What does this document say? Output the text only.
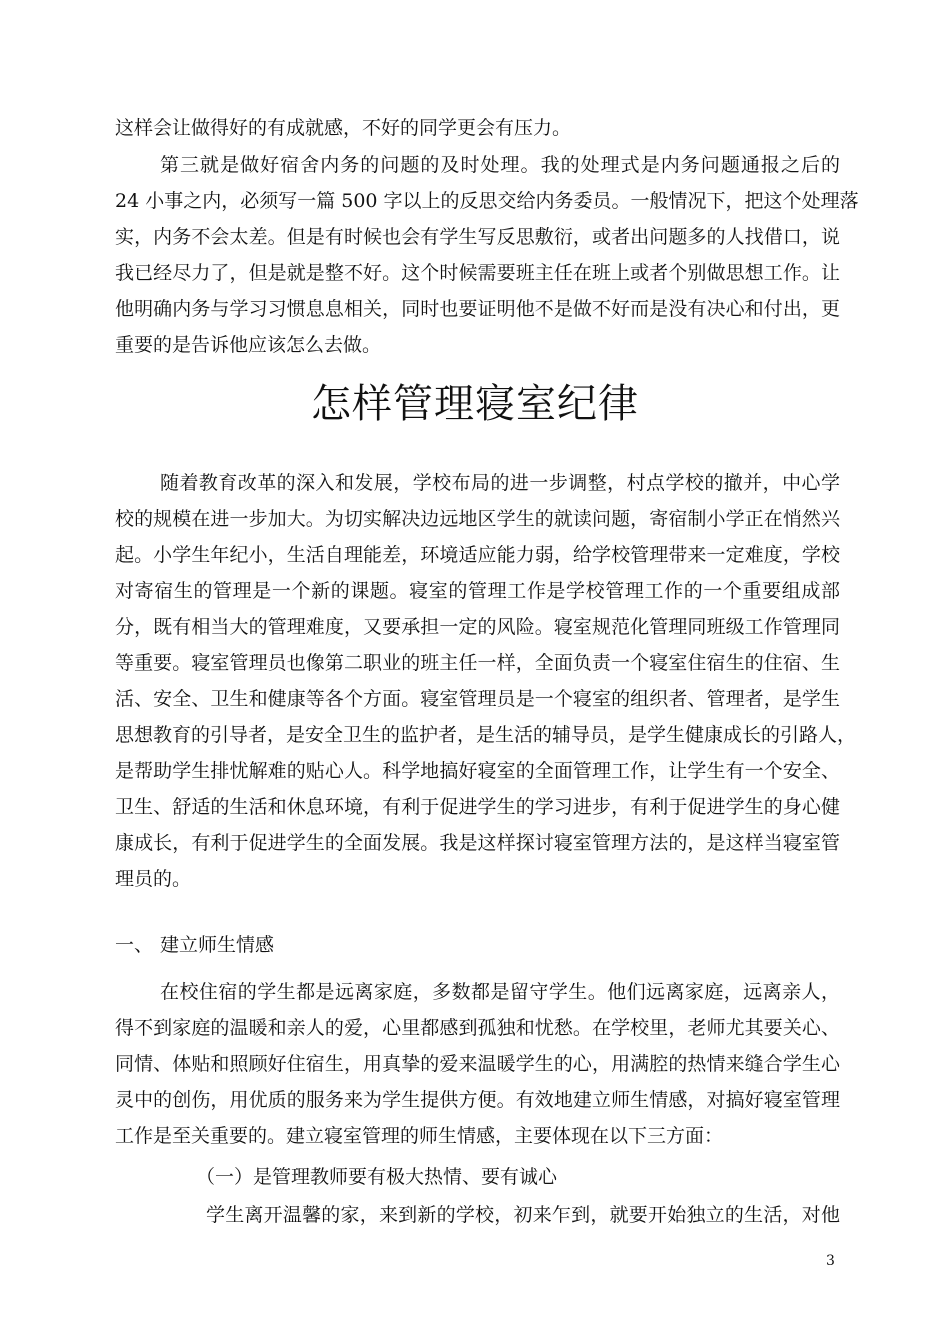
这样会让做得好的有成就感，不好的同学更会有压力。
第三就是做好宿舍内务的问题的及时处理。我的处理式是内务问题通报之后的
24 小事之内，必须写一篇 500 字以上的反思交给内务委员。一般情况下，把这个处理落
实，内务不会太差。但是有时候也会有学生写反思敷衍，或者出问题多的人找借口，说
我已经尽力了，但是就是整不好。这个时候需要班主任在班上或者个别做思想工作。让
他明确内务与学习习惯息息相关，同时也要证明他不是做不好而是没有决心和付出，更
重要的是告诉他应该怎么去做。
怎样管理寝室纪律
随着教育改革的深入和发展，学校布局的进一步调整，村点学校的撤并，中心学
校的规模在进一步加大。为切实解决边远地区学生的就读问题，寄宿制小学正在悄然兴
起。小学生年纪小，生活自理能差，环境适应能力弱，给学校管理带来一定难度，学校
对寄宿生的管理是一个新的课题。寝室的管理工作是学校管理工作的一个重要组成部
分，既有相当大的管理难度，又要承担一定的风险。寝室规范化管理同班级工作管理同
等重要。寝室管理员也像第二职业的班主任一样，全面负责一个寝室住宿生的住宿、生
活、安全、卫生和健康等各个方面。寝室管理员是一个寝室的组织者、管理者，是学生
思想教育的引导者，是安全卫生的监护者，是生活的辅导员，是学生健康成长的引路人，
是帮助学生排忧解难的贴心人。科学地搞好寝室的全面管理工作，让学生有一个安全、
卫生、舒适的生活和休息环境，有利于促进学生的学习进步，有利于促进学生的身心健
康成长，有利于促进学生的全面发展。我是这样探讨寝室管理方法的，是这样当寝室管
理员的。
一、 建立师生情感
在校住宿的学生都是远离家庭，多数都是留守学生。他们远离家庭，远离亲人，
得不到家庭的温暖和亲人的爱，心里都感到孤独和忧愁。在学校里，老师尤其要关心、
同情、体贴和照顾好住宿生，用真挚的爱来温暖学生的心，用满腔的热情来缝合学生心
灵中的创伤，用优质的服务来为学生提供方便。有效地建立师生情感，对搞好寝室管理
工作是至关重要的。建立寝室管理的师生情感，主要体现在以下三方面：
（一）是管理教师要有极大热情、要有诚心
学生离开温馨的家，来到新的学校，初来乍到，就要开始独立的生活，对他
3
